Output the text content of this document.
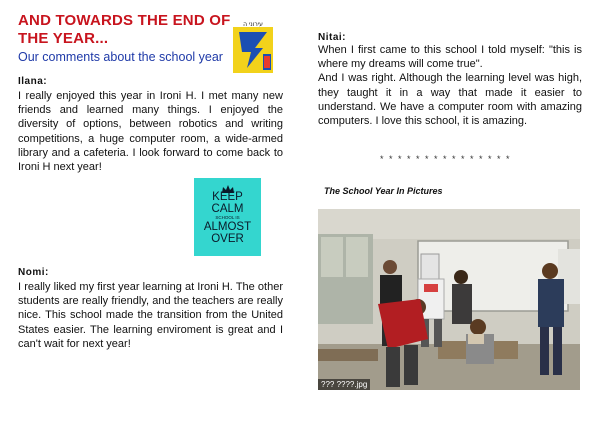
AND TOWARDS THE END OF THE YEAR...
Our comments about the school year
עירוני ה
Ilana:
I really enjoyed this year in Ironi H. I met many new friends and learned many things. I enjoyed the diversity of options, between robotics and writing competitions, a huge computer room, a wide-armed library and a cafeteria. I look forward to come back to Ironi H next year!
KEEP
CALM
SCHOOL IS
ALMOST
OVER
Nomi:
I really liked my first year learning at Ironi H. The other students are really friendly, and the teachers are really nice. This school made the transition from the United States easier. The learning enviroment is great and I can't wait for next year!
Nitai:
When I first came to this school I told myself: "this is where my dreams will come true".
And I was right. Although the learning level was high, they taught it in a way that made it easier to understand. We have a computer room with amazing computers. I love this school, it is amazing.
* * * * * * * * * * * * * * *
The School Year In Pictures
??? ????.jpg
